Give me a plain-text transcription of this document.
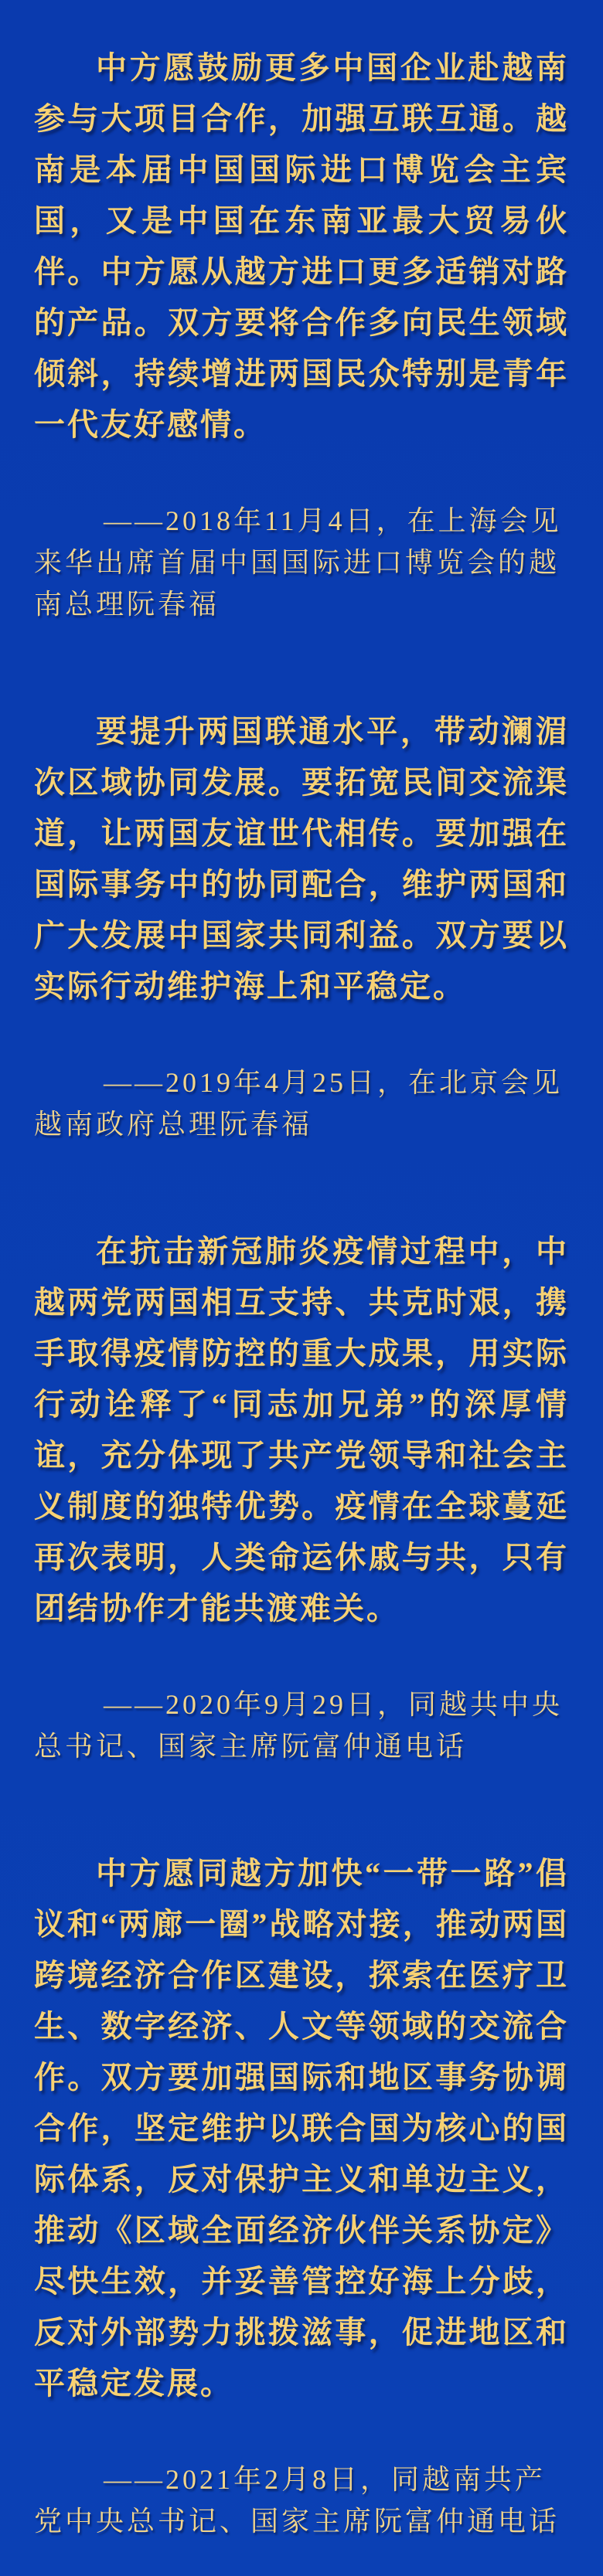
中方愿鼓励更多中国企业赴越南参与大项目合作，加强互联互通。越南是本届中国国际进口博览会主宾国，又是中国在东南亚最大贸易伙伴。中方愿从越方进口更多适销对路的产品。双方要将合作多向民生领域倾斜，持续增进两国民众特别是青年一代友好感情。

——2018年11月4日，在上海会见来华出席首届中国国际进口博览会的越南总理阮春福

要提升两国联通水平，带动澜湄次区域协同发展。要拓宽民间交流渠道，让两国友谊世代相传。要加强在国际事务中的协同配合，维护两国和广大发展中国家共同利益。双方要以实际行动维护海上和平稳定。

——2019年4月25日，在北京会见越南政府总理阮春福

在抗击新冠肺炎疫情过程中，中越两党两国相互支持、共克时艰，携手取得疫情防控的重大成果，用实际行动诠释了“同志加兄弟”的深厚情谊，充分体现了共产党领导和社会主义制度的独特优势。疫情在全球蔓延再次表明，人类命运休戚与共，只有团结协作才能共渡难关。

——2020年9月29日，同越共中央总书记、国家主席阮富仲通电话

中方愿同越方加快“一带一路”倡议和“两廊一圈”战略对接，推动两国跨境经济合作区建设，探索在医疗卫生、数字经济、人文等领域的交流合作。双方要加强国际和地区事务协调合作，坚定维护以联合国为核心的国际体系，反对保护主义和单边主义，推动《区域全面经济伙伴关系协定》尽快生效，并妥善管控好海上分歧，反对外部势力挑拨滋事，促进地区和平稳定发展。

——2021年2月8日，同越南共产党中央总书记、国家主席阮富仲通电话
